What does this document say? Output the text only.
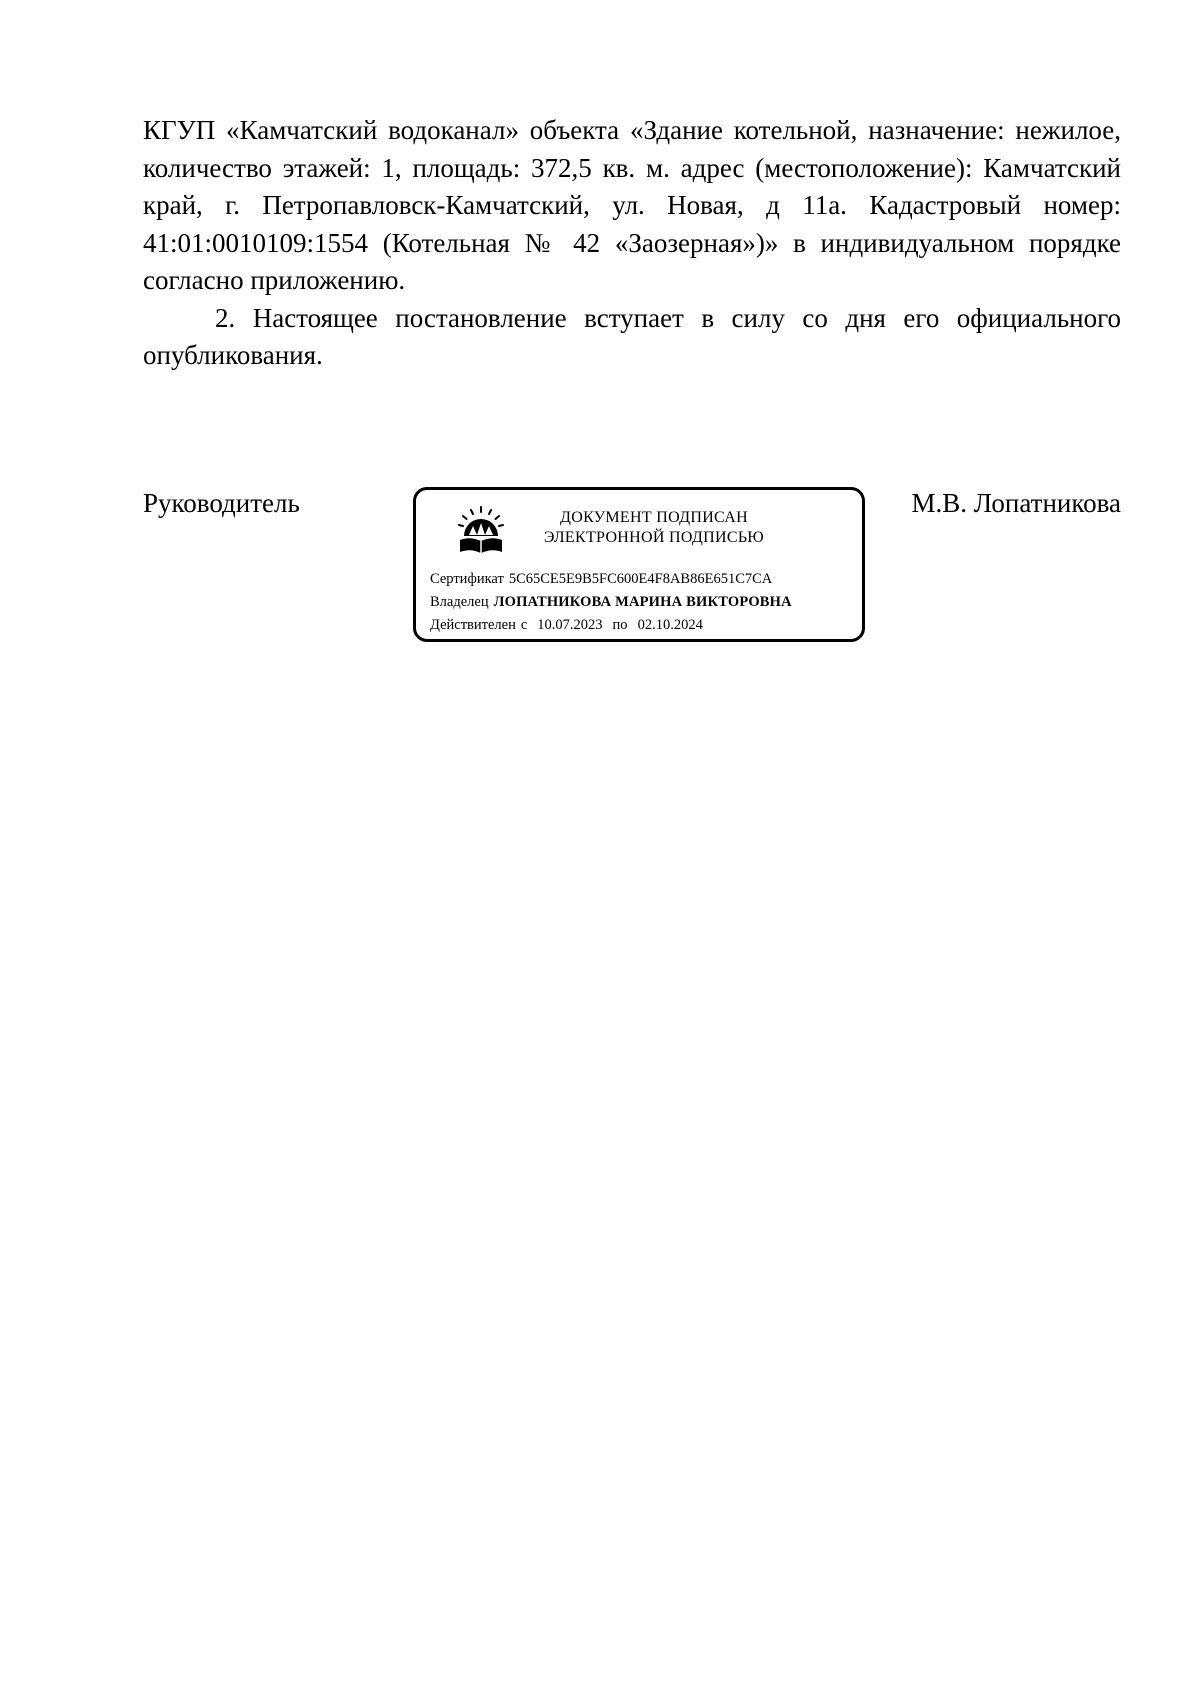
КГУП «Камчатский водоканал» объекта «Здание котельной, назначение: нежилое, количество этажей: 1, площадь: 372,5 кв. м. адрес (местоположение): Камчатский край, г. Петропавловск-Камчатский, ул. Новая, д 11а. Кадастровый номер: 41:01:0010109:1554 (Котельная № 42 «Заозерная»)» в индивидуальном порядке согласно приложению.

2. Настоящее постановление вступает в силу со дня его официального опубликования.

Руководитель	ДОКУМЕНТ ПОДПИСАН
ЭЛЕКТРОННОЙ ПОДПИСЬЮ
Сертификат 5C65CE5E9B5FC600E4F8AB86E651C7CA
Владелец ЛОПАТНИКОВА МАРИНА ВИКТОРОВНА
Действителен с 10.07.2023 по 02.10.2024
М.В. Лопатникова
